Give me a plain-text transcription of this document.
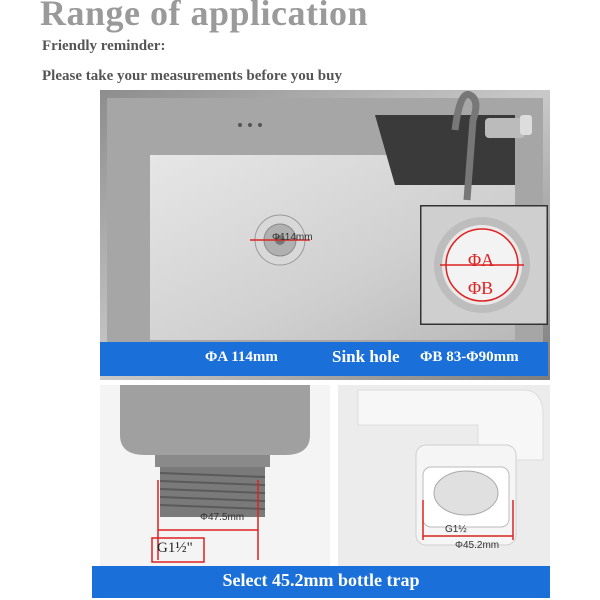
Range of application
Friendly reminder:
Please take your measurements before you buy
Φ114mm
ΦA
ΦB
ΦA 114mm	Sink hole ΦB 83-Φ90mm
Φ47.5mm
G1½"
G1½
Φ45.2mm
Select 45.2mm bottle trap
